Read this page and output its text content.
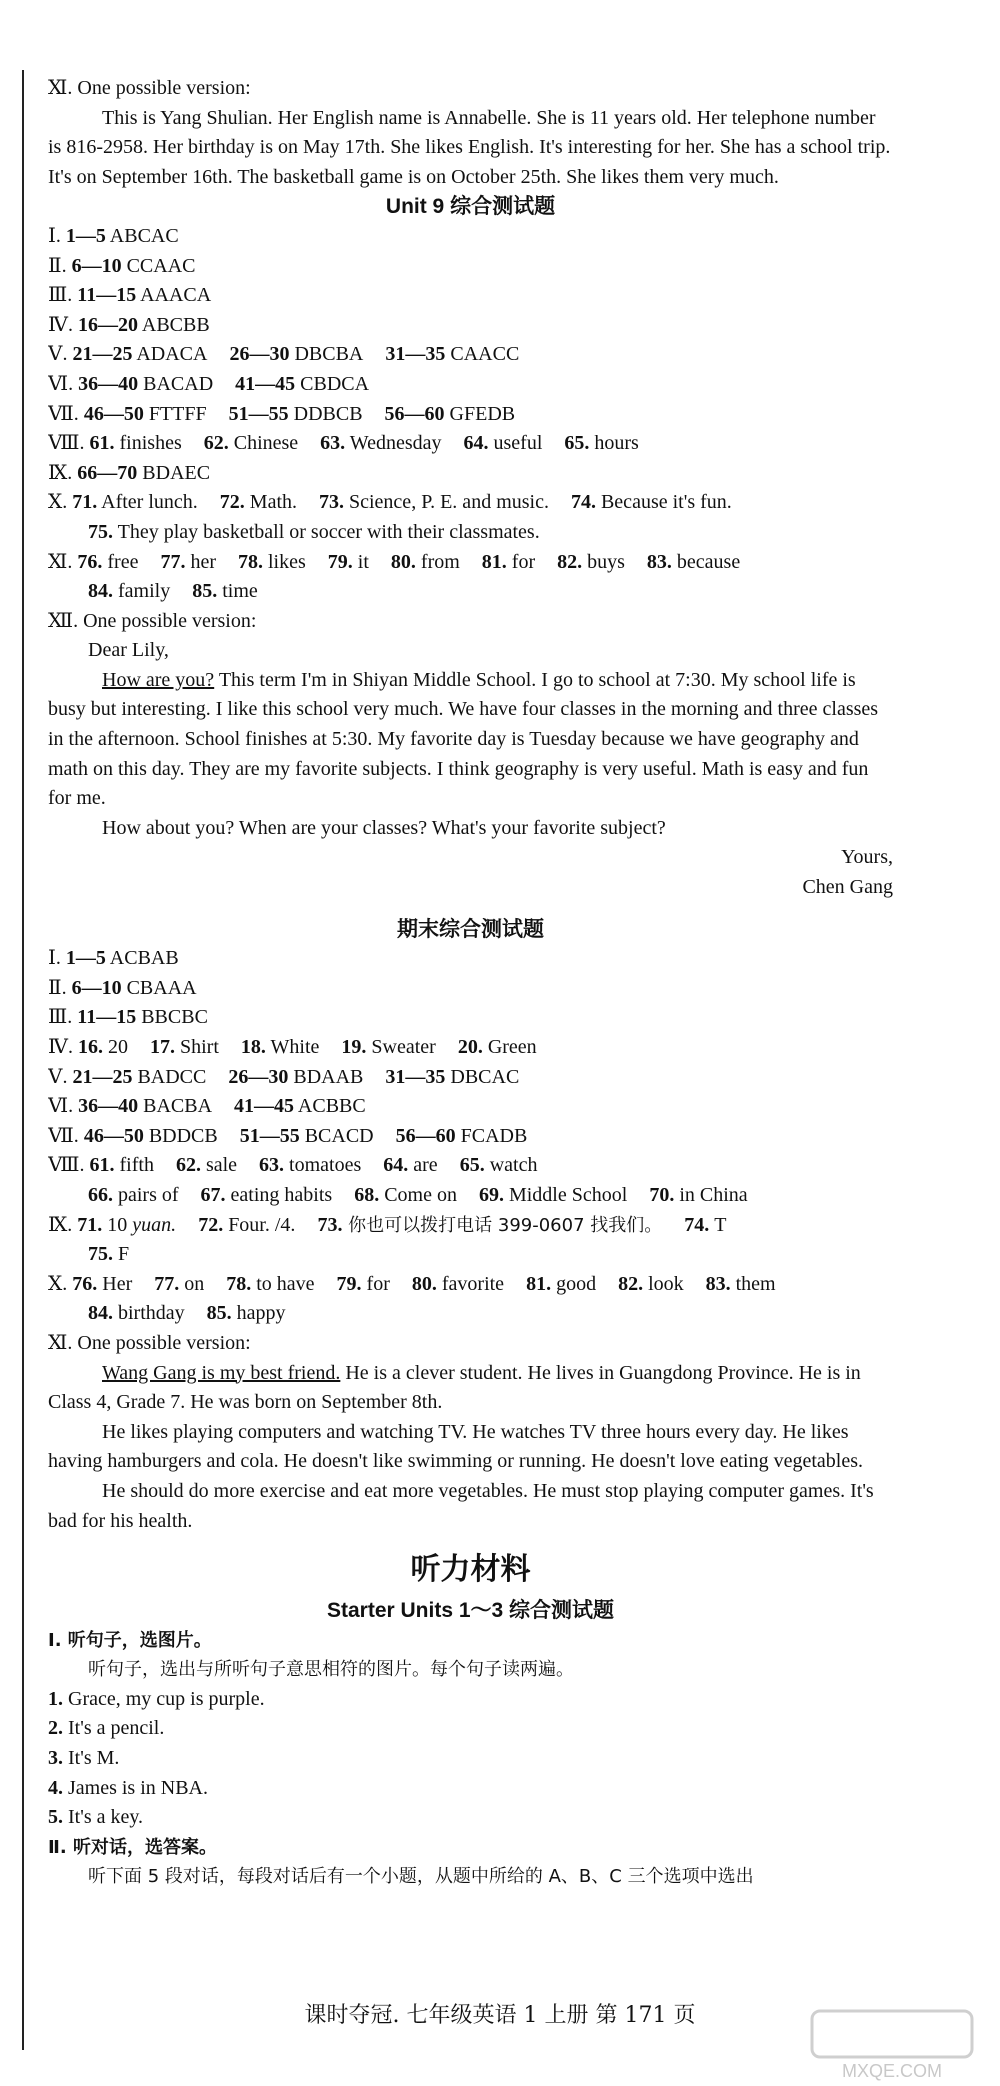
Ⅺ. One possible version:
This is Yang Shulian. Her English name is Annabelle. She is 11 years old. Her telephone number is 816-2958. Her birthday is on May 17th. She likes English. It's interesting for her. She has a school trip. It's on September 16th. The basketball game is on October 25th. She likes them very much.
Unit 9 综合测试题
Ⅰ. 1—5 ABCAC
Ⅱ. 6—10 CCAAC
Ⅲ. 11—15 AAACA
Ⅳ. 16—20 ABCBB
Ⅴ. 21—25 ADACA 26—30 DBCBA 31—35 CAACC
Ⅵ. 36—40 BACAD 41—45 CBDCA
Ⅶ. 46—50 FTTFF 51—55 DDBCB 56—60 GFEDB
Ⅷ. 61. finishes 62. Chinese 63. Wednesday 64. useful 65. hours
Ⅸ. 66—70 BDAEC
Ⅹ. 71. After lunch. 72. Math. 73. Science, P. E. and music. 74. Because it's fun.
75. They play basketball or soccer with their classmates.
Ⅺ. 76. free 77. her 78. likes 79. it 80. from 81. for 82. buys 83. because
84. family 85. time
Ⅻ. One possible version:
Dear Lily,
How are you? This term I'm in Shiyan Middle School. I go to school at 7:30. My school life is busy but interesting. I like this school very much. We have four classes in the morning and three classes in the afternoon. School finishes at 5:30. My favorite day is Tuesday because we have geography and math on this day. They are my favorite subjects. I think geography is very useful. Math is easy and fun for me.
How about you? When are your classes? What's your favorite subject?
Yours,
Chen Gang
期末综合测试题
Ⅰ. 1—5 ACBAB
Ⅱ. 6—10 CBAAA
Ⅲ. 11—15 BBCBC
Ⅳ. 16. 20 17. Shirt 18. White 19. Sweater 20. Green
Ⅴ. 21—25 BADCC 26—30 BDAAB 31—35 DBCAC
Ⅵ. 36—40 BACBA 41—45 ACBBC
Ⅶ. 46—50 BDDCB 51—55 BCACD 56—60 FCADB
Ⅷ. 61. fifth 62. sale 63. tomatoes 64. are 65. watch
66. pairs of 67. eating habits 68. Come on 69. Middle School 70. in China
Ⅸ. 71. 10 yuan. 72. Four. /4. 73. 你也可以拨打电话 399-0607 找我们。 74. T
75. F
Ⅹ. 76. Her 77. on 78. to have 79. for 80. favorite 81. good 82. look 83. them
84. birthday 85. happy
Ⅺ. One possible version:
Wang Gang is my best friend. He is a clever student. He lives in Guangdong Province. He is in Class 4, Grade 7. He was born on September 8th.
He likes playing computers and watching TV. He watches TV three hours every day. He likes having hamburgers and cola. He doesn't like swimming or running. He doesn't love eating vegetables.
He should do more exercise and eat more vegetables. He must stop playing computer games. It's bad for his health.
听力材料
Starter Units 1～3 综合测试题
Ⅰ. 听句子，选图片。
听句子，选出与所听句子意思相符的图片。每个句子读两遍。
1. Grace, my cup is purple.
2. It's a pencil.
3. It's M.
4. James is in NBA.
5. It's a key.
Ⅱ. 听对话，选答案。
听下面 5 段对话，每段对话后有一个小题，从题中所给的 A、B、C 三个选项中选出
课时夺冠. 七年级英语 1 上册 第 171 页
MXQE.COM
